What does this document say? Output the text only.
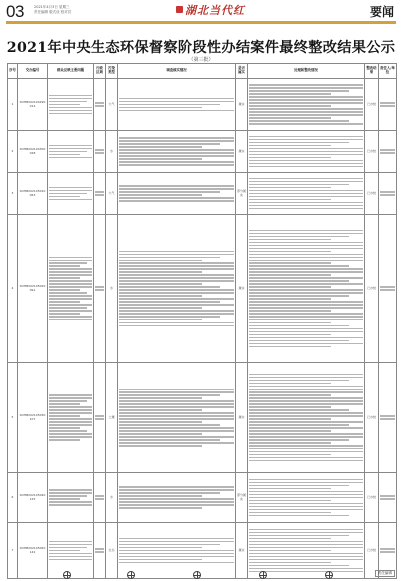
03	2021年4月3日 星期三
责任编辑 版式设 校对员	湖北当代红	要闻
2021年中央生态环保督察阶段性办结案件最终整改结果公示
（第三批）
序号	交办编号	群众反映主要问题	行政区域	污染类型	调查核实情况	是否属实	处理和整改情况	整改结果	责任人/单位
1	D2HB202104290012			大气		属实		已办结	

2	D2HB202104300028			水		属实		已办结	

3	D2HB202105010063			大气		部分属实		已办结	

4	D2HB202105020091			水		属实		已办结	

5	D2HB202105030107			土壤		属实		已办结	

6	D2HB202105040125			水		部分属实		已办结	

7	D2HB202105050142			生态		属实		已办结	
责任编辑
